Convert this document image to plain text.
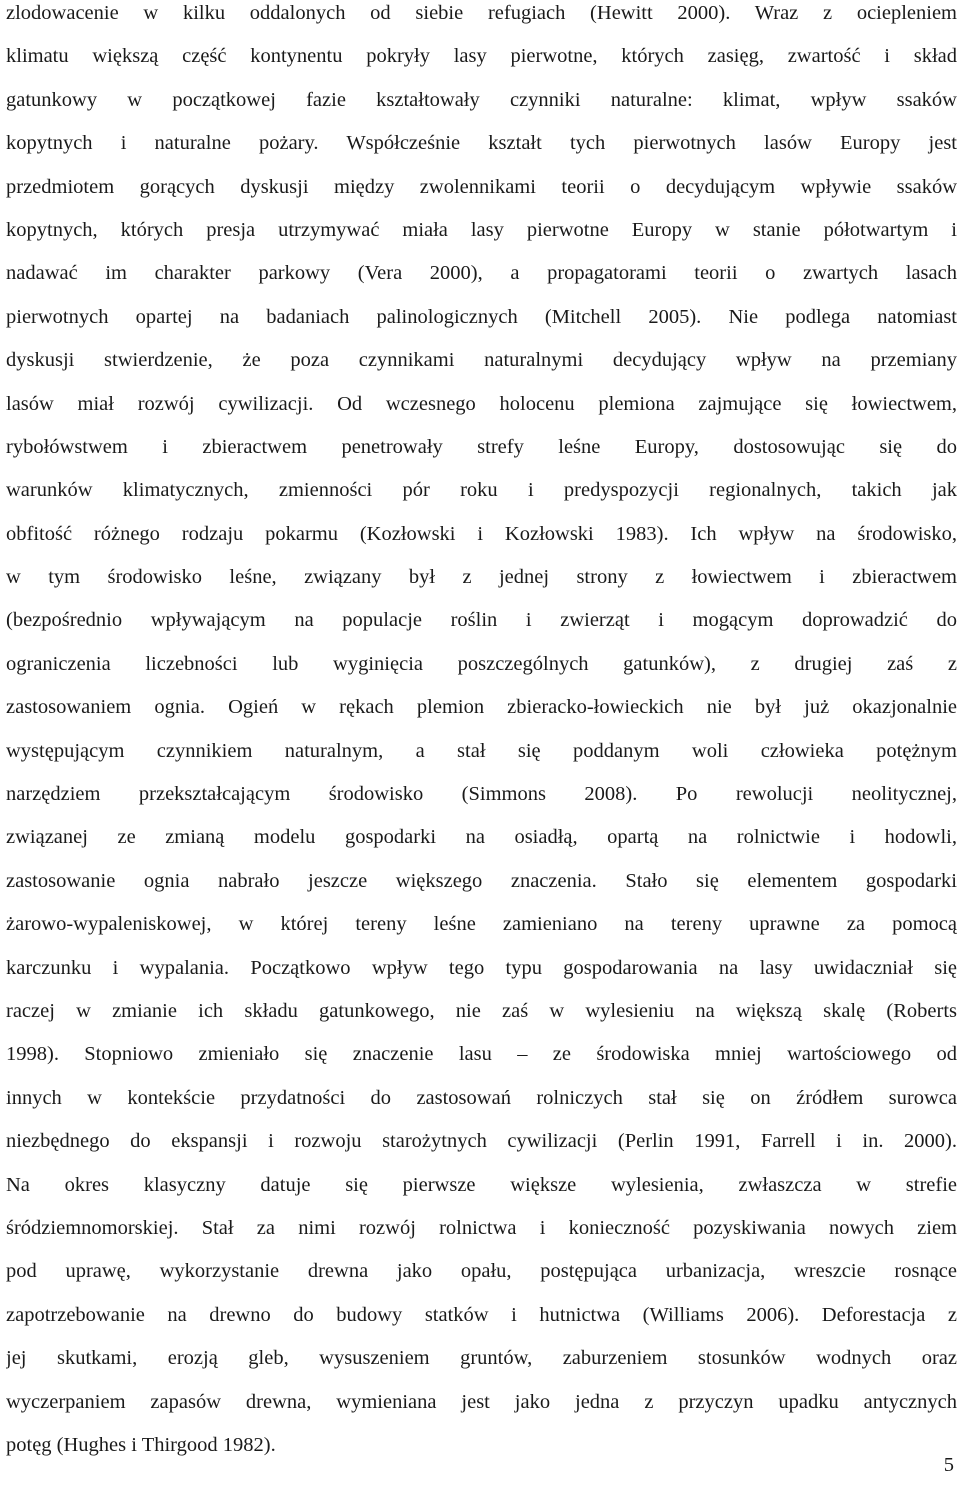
zlodowacenie w kilku oddalonych od siebie refugiach (Hewitt 2000). Wraz z ociepleniem
klimatu większą część kontynentu pokryły lasy pierwotne, których zasięg, zwartość i skład
gatunkowy w początkowej fazie kształtowały czynniki naturalne: klimat, wpływ ssaków
kopytnych i naturalne pożary. Współcześnie kształt tych pierwotnych lasów Europy jest
przedmiotem gorących dyskusji między zwolennikami teorii o decydującym wpływie ssaków
kopytnych, których presja utrzymywać miała lasy pierwotne Europy w stanie półotwartym i
nadawać im charakter parkowy (Vera 2000), a propagatorami teorii o zwartych lasach
pierwotnych opartej na badaniach palinologicznych (Mitchell 2005). Nie podlega natomiast
dyskusji stwierdzenie, że poza czynnikami naturalnymi decydujący wpływ na przemiany
lasów miał rozwój cywilizacji. Od wczesnego holocenu plemiona zajmujące się łowiectwem,
rybołówstwem i zbieractwem penetrowały strefy leśne Europy, dostosowując się do
warunków klimatycznych, zmienności pór roku i predyspozycji regionalnych, takich jak
obfitość różnego rodzaju pokarmu (Kozłowski i Kozłowski 1983). Ich wpływ na środowisko,
w tym środowisko leśne, związany był z jednej strony z łowiectwem i zbieractwem
(bezpośrednio wpływającym na populacje roślin i zwierząt i mogącym doprowadzić do
ograniczenia liczebności lub wyginięcia poszczególnych gatunków), z drugiej zaś z
zastosowaniem ognia. Ogień w rękach plemion zbieracko-łowieckich nie był już okazjonalnie
występującym czynnikiem naturalnym, a stał się poddanym woli człowieka potężnym
narzędziem przekształcającym środowisko (Simmons 2008). Po rewolucji neolitycznej,
związanej ze zmianą modelu gospodarki na osiadłą, opartą na rolnictwie i hodowli,
zastosowanie ognia nabrało jeszcze większego znaczenia. Stało się elementem gospodarki
żarowo-wypaleniskowej, w której tereny leśne zamieniano na tereny uprawne za pomocą
karczunku i wypalania. Początkowo wpływ tego typu gospodarowania na lasy uwidaczniał się
raczej w zmianie ich składu gatunkowego, nie zaś w wylesieniu na większą skalę (Roberts
1998). Stopniowo zmieniało się znaczenie lasu – ze środowiska mniej wartościowego od
innych w kontekście przydatności do zastosowań rolniczych stał się on źródłem surowca
niezbędnego do ekspansji i rozwoju starożytnych cywilizacji (Perlin 1991, Farrell i in. 2000).
Na okres klasyczny datuje się pierwsze większe wylesienia, zwłaszcza w strefie
śródziemnomorskiej. Stał za nimi rozwój rolnictwa i konieczność pozyskiwania nowych ziem
pod uprawę, wykorzystanie drewna jako opału, postępująca urbanizacja, wreszcie rosnące
zapotrzebowanie na drewno do budowy statków i hutnictwa (Williams 2006). Deforestacja z
jej skutkami, erozją gleb, wysuszeniem gruntów, zaburzeniem stosunków wodnych oraz
wyczerpaniem zapasów drewna, wymieniana jest jako jedna z przyczyn upadku antycznych
potęg (Hughes i Thirgood 1982).
5
